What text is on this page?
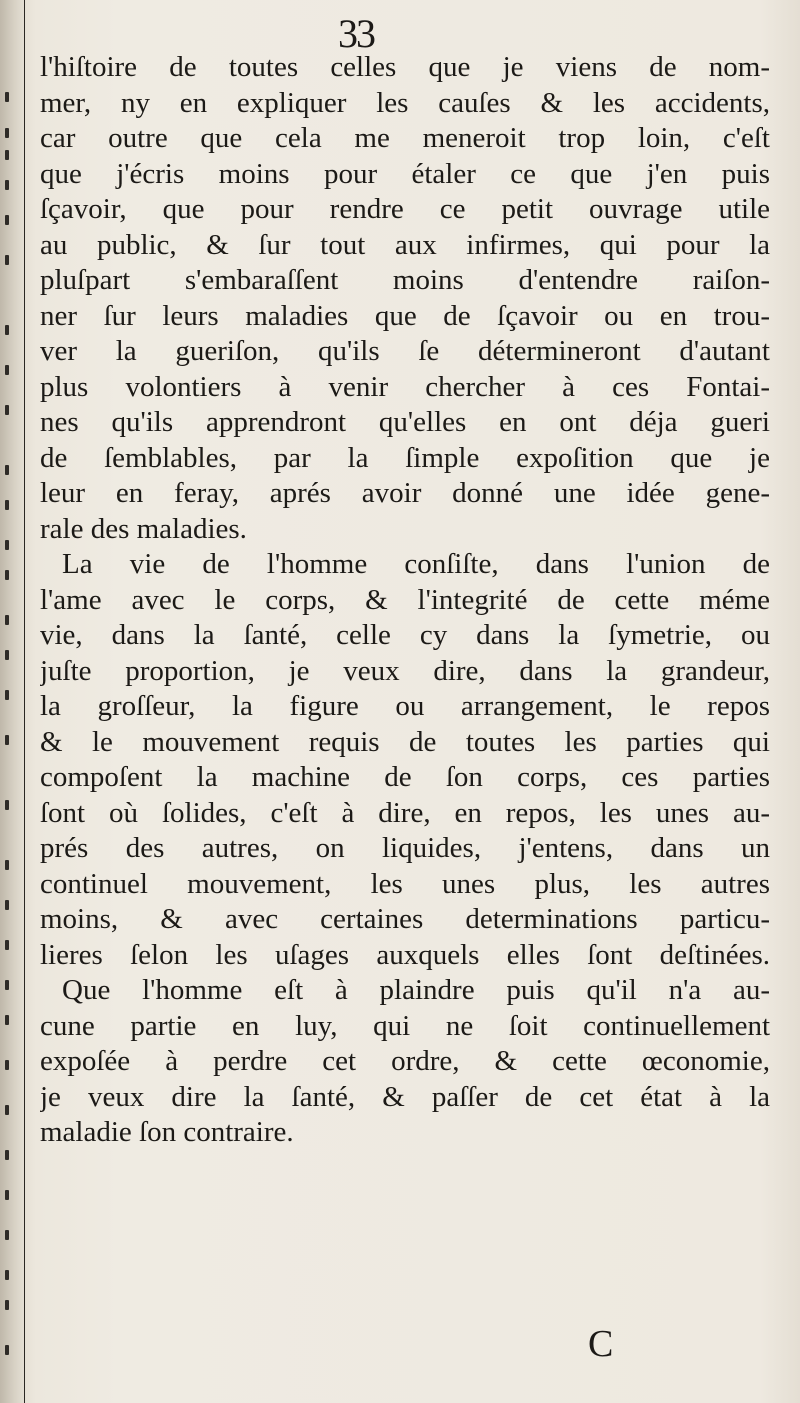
33
l'hiſtoire de toutes celles que je viens de nom-
mer, ny en expliquer les cauſes & les accidents,
car outre que cela me meneroit trop loin, c'eſt
que j'écris moins pour étaler ce que j'en puis
ſçavoir, que pour rendre ce petit ouvrage utile
au public, & ſur tout aux infirmes, qui pour la
pluſpart s'embaraſſent moins d'entendre raiſon-
ner ſur leurs maladies que de ſçavoir ou en trou-
ver la gueriſon, qu'ils ſe détermineront d'autant
plus volontiers à venir chercher à ces Fontai-
nes qu'ils apprendront qu'elles en ont déja gueri
de ſemblables, par la ſimple expoſition que je
leur en feray, aprés avoir donné une idée gene-
rale des maladies.
La vie de l'homme conſiſte, dans l'union de
l'ame avec le corps, & l'integrité de cette méme
vie, dans la ſanté, celle cy dans la ſymetrie, ou
juſte proportion, je veux dire, dans la grandeur,
la groſſeur, la figure ou arrangement, le repos
& le mouvement requis de toutes les parties qui
compoſent la machine de ſon corps, ces parties
ſont où ſolides, c'eſt à dire, en repos, les unes au-
prés des autres, on liquides, j'entens, dans un
continuel mouvement, les unes plus, les autres
moins, & avec certaines determinations particu-
lieres ſelon les uſages auxquels elles ſont deſtinées.
Que l'homme eſt à plaindre puis qu'il n'a au-
cune partie en luy, qui ne ſoit continuellement
expoſée à perdre cet ordre, & cette œconomie,
je veux dire la ſanté, & paſſer de cet état à la
maladie ſon contraire.
C
